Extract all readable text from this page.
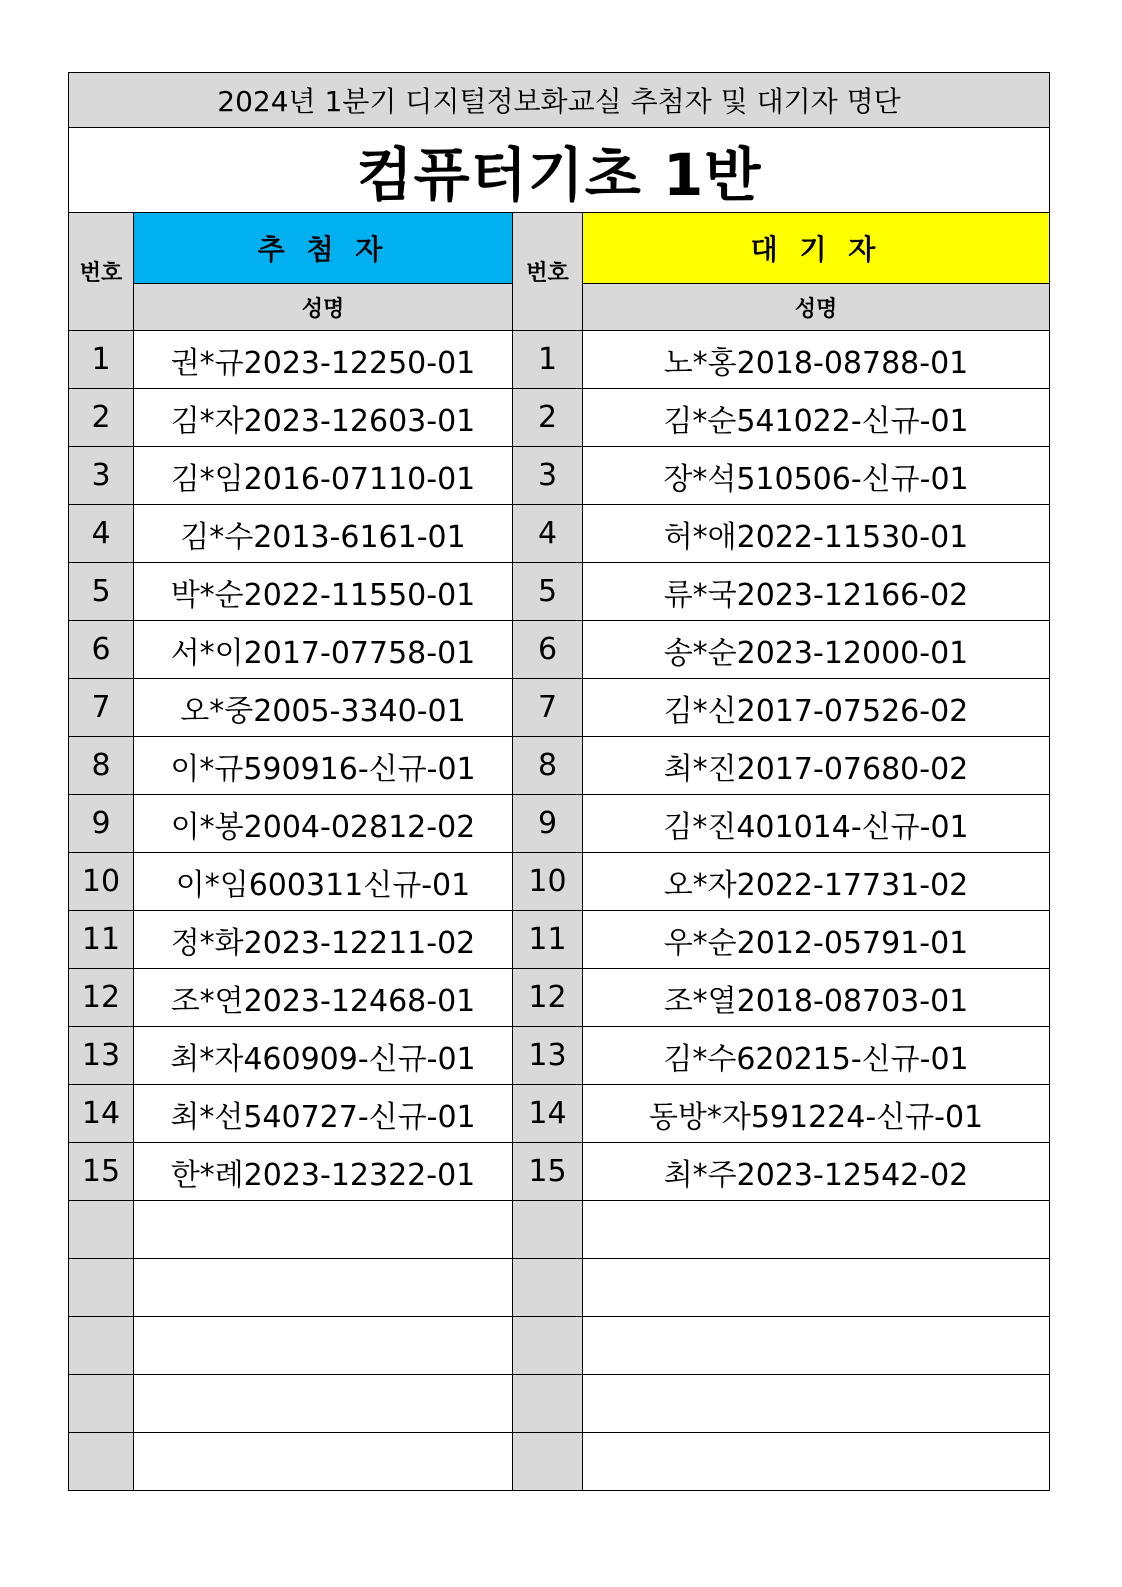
2024년 1분기 디지털정보화교실 추첨자 및 대기자 명단			
컴퓨터기초 1반			
번호	추 첨 자	번호	대 기 자
	성명		성명
1	권*규2023-12250-01	1	노*홍2018-08788-01
2	김*자2023-12603-01	2	김*순541022-신규-01
3	김*임2016-07110-01	3	장*석510506-신규-01
4	김*수2013-6161-01	4	허*애2022-11530-01
5	박*순2022-11550-01	5	류*국2023-12166-02
6	서*이2017-07758-01	6	송*순2023-12000-01
7	오*중2005-3340-01	7	김*신2017-07526-02
8	이*규590916-신규-01	8	최*진2017-07680-02
9	이*봉2004-02812-02	9	김*진401014-신규-01
10	이*임600311신규-01	10	오*자2022-17731-02
11	정*화2023-12211-02	11	우*순2012-05791-01
12	조*연2023-12468-01	12	조*열2018-08703-01
13	최*자460909-신규-01	13	김*수620215-신규-01
14	최*선540727-신규-01	14	동방*자591224-신규-01
15	한*례2023-12322-01	15	최*주2023-12542-02
